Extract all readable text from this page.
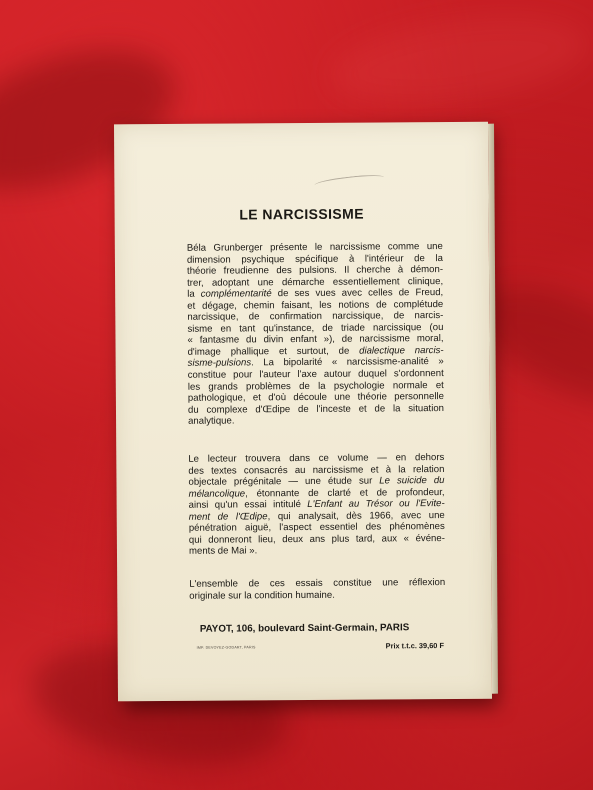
LE NARCISSISME
Béla Grunberger présente le narcissisme comme une
dimension psychique spécifique à l'intérieur de la
théorie freudienne des pulsions. Il cherche à démon-
trer, adoptant une démarche essentiellement clinique,
la complémentarité de ses vues avec celles de Freud,
et dégage, chemin faisant, les notions de complétude
narcissique, de confirmation narcissique, de narcis-
sisme en tant qu'instance, de triade narcissique (ou
« fantasme du divin enfant »), de narcissisme moral,
d'image phallique et surtout, de dialectique narcis-
sisme-pulsions. La bipolarité « narcissisme-analité »
constitue pour l'auteur l'axe autour duquel s'ordonnent
les grands problèmes de la psychologie normale et
pathologique, et d'où découle une théorie personnelle
du complexe d'Œdipe de l'inceste et de la situation
analytique.
Le lecteur trouvera dans ce volume — en dehors
des textes consacrés au narcissisme et à la relation
objectale prégénitale — une étude sur Le suicide du
mélancolique, étonnante de clarté et de profondeur,
ainsi qu'un essai intitulé L'Enfant au Trésor ou l'Evite-
ment de l'Œdipe, qui analysait, dès 1966, avec une
pénétration aiguë, l'aspect essentiel des phénomènes
qui donneront lieu, deux ans plus tard, aux « événe-
ments de Mai ».
L'ensemble de ces essais constitue une réflexion
originale sur la condition humaine.
PAYOT, 106, boulevard Saint-Germain, PARIS
IMP. DEVOYEZ-GODART, PARIS	Prix t.t.c. 39,60 F
